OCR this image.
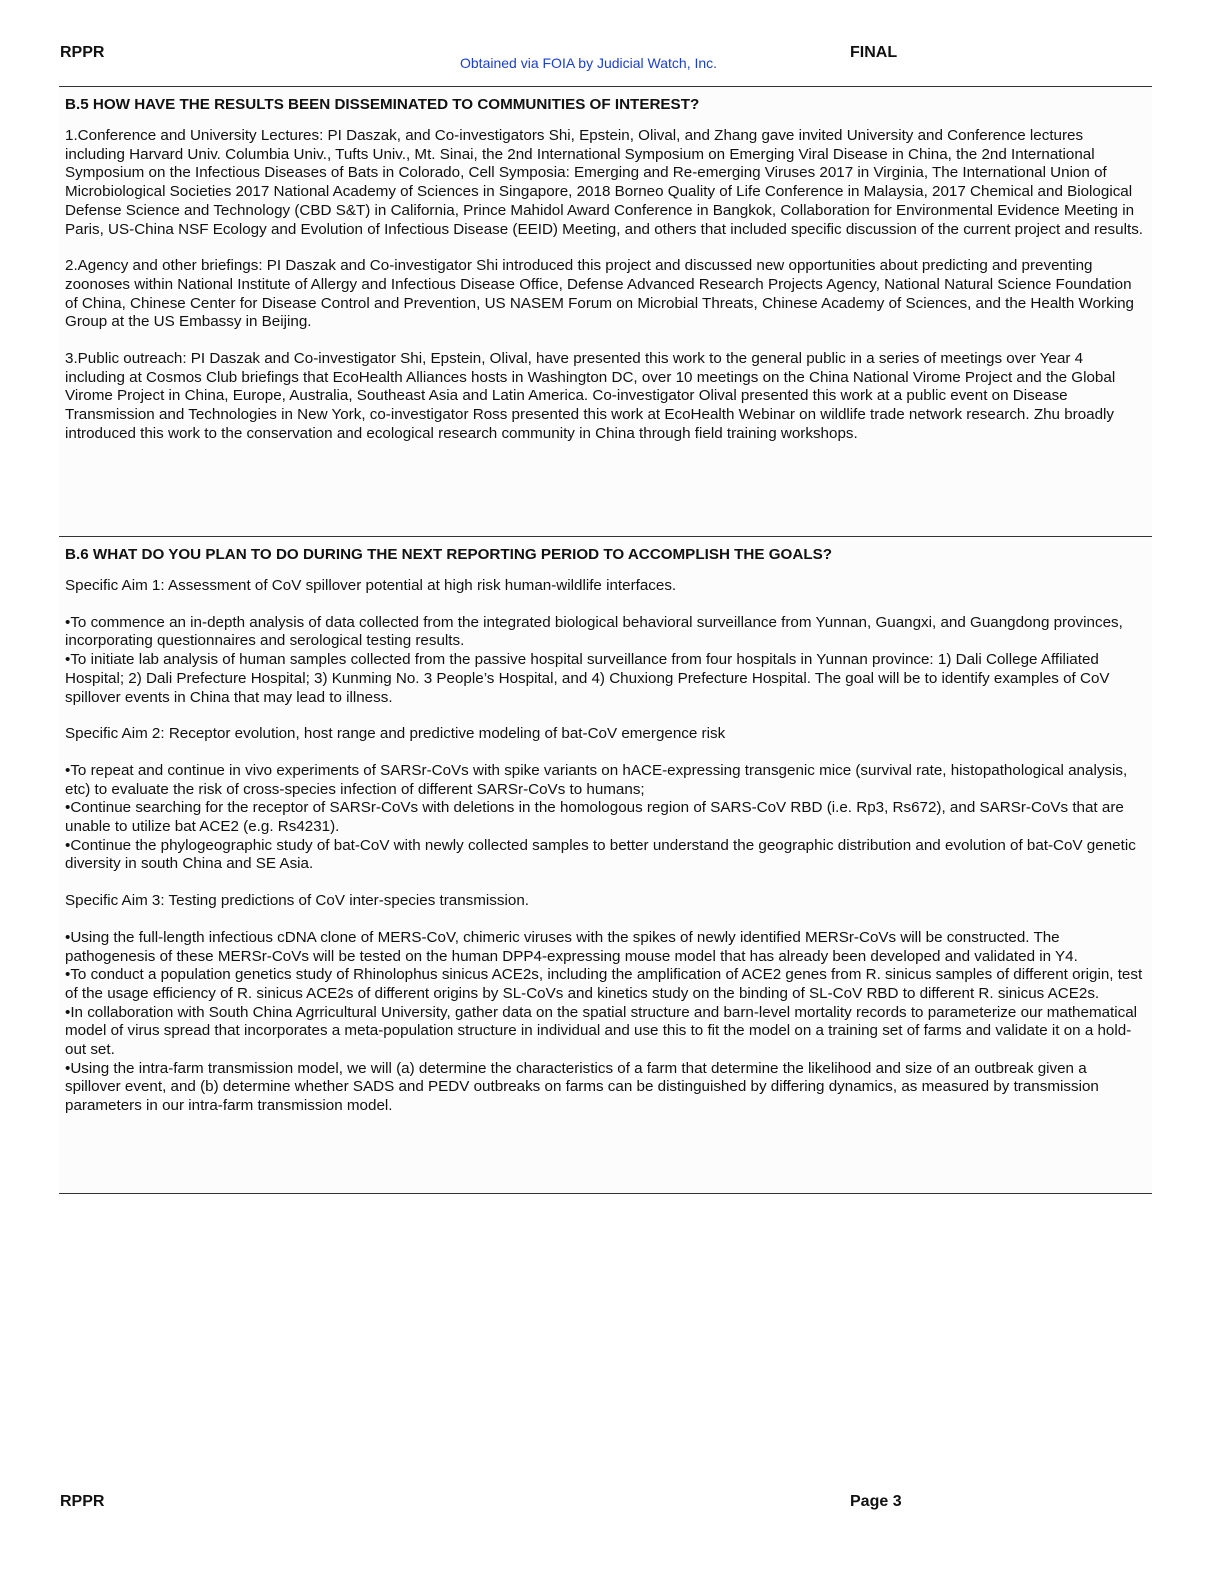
RPPR
Obtained via FOIA by Judicial Watch, Inc.
FINAL
B.5 HOW HAVE THE RESULTS BEEN DISSEMINATED TO COMMUNITIES OF INTEREST?

1.Conference and University Lectures: PI Daszak, and Co-investigators Shi, Epstein, Olival, and Zhang gave invited University and Conference lectures including Harvard Univ. Columbia Univ., Tufts Univ., Mt. Sinai, the 2nd International Symposium on Emerging Viral Disease in China, the 2nd International Symposium on the Infectious Diseases of Bats in Colorado, Cell Symposia: Emerging and Re-emerging Viruses 2017 in Virginia, The International Union of Microbiological Societies 2017 National Academy of Sciences in Singapore, 2018 Borneo Quality of Life Conference in Malaysia, 2017 Chemical and Biological Defense Science and Technology (CBD S&T) in California, Prince Mahidol Award Conference in Bangkok, Collaboration for Environmental Evidence Meeting in Paris, US-China NSF Ecology and Evolution of Infectious Disease (EEID) Meeting, and others that included specific discussion of the current project and results.

2.Agency and other briefings: PI Daszak and Co-investigator Shi introduced this project and discussed new opportunities about predicting and preventing zoonoses within National Institute of Allergy and Infectious Disease Office, Defense Advanced Research Projects Agency, National Natural Science Foundation of China, Chinese Center for Disease Control and Prevention, US NASEM Forum on Microbial Threats, Chinese Academy of Sciences, and the Health Working Group at the US Embassy in Beijing.

3.Public outreach: PI Daszak and Co-investigator Shi, Epstein, Olival, have presented this work to the general public in a series of meetings over Year 4 including at Cosmos Club briefings that EcoHealth Alliances hosts in Washington DC, over 10 meetings on the China National Virome Project and the Global Virome Project in China, Europe, Australia, Southeast Asia and Latin America. Co-investigator Olival presented this work at a public event on Disease Transmission and Technologies in New York, co-investigator Ross presented this work at EcoHealth Webinar on wildlife trade network research. Zhu broadly introduced this work to the conservation and ecological research community in China through field training workshops.

B.6 WHAT DO YOU PLAN TO DO DURING THE NEXT REPORTING PERIOD TO ACCOMPLISH THE GOALS?

Specific Aim 1: Assessment of CoV spillover potential at high risk human-wildlife interfaces.

•To commence an in-depth analysis of data collected from the integrated biological behavioral surveillance from Yunnan, Guangxi, and Guangdong provinces, incorporating questionnaires and serological testing results.

•To initiate lab analysis of human samples collected from the passive hospital surveillance from four hospitals in Yunnan province: 1) Dali College Affiliated Hospital; 2) Dali Prefecture Hospital; 3) Kunming No. 3 People’s Hospital, and 4) Chuxiong Prefecture Hospital. The goal will be to identify examples of CoV spillover events in China that may lead to illness.

Specific Aim 2: Receptor evolution, host range and predictive modeling of bat-CoV emergence risk

•To repeat and continue in vivo experiments of SARSr-CoVs with spike variants on hACE-expressing transgenic mice (survival rate, histopathological analysis, etc) to evaluate the risk of cross-species infection of different SARSr-CoVs to humans;

•Continue searching for the receptor of SARSr-CoVs with deletions in the homologous region of SARS-CoV RBD (i.e. Rp3, Rs672), and SARSr-CoVs that are unable to utilize bat ACE2 (e.g. Rs4231).

•Continue the phylogeographic study of bat-CoV with newly collected samples to better understand the geographic distribution and evolution of bat-CoV genetic diversity in south China and SE Asia.

Specific Aim 3: Testing predictions of CoV inter-species transmission.

•Using the full-length infectious cDNA clone of MERS-CoV, chimeric viruses with the spikes of newly identified MERSr-CoVs will be constructed. The pathogenesis of these MERSr-CoVs will be tested on the human DPP4-expressing mouse model that has already been developed and validated in Y4.

•To conduct a population genetics study of Rhinolophus sinicus ACE2s, including the amplification of ACE2 genes from R. sinicus samples of different origin, test of the usage efficiency of R. sinicus ACE2s of different origins by SL-CoVs and kinetics study on the binding of SL-CoV RBD to different R. sinicus ACE2s.

•In collaboration with South China Agrricultural University, gather data on the spatial structure and barn-level mortality records to parameterize our mathematical model of virus spread that incorporates a meta-population structure in individual and use this to fit the model on a training set of farms and validate it on a hold-out set.

•Using the intra-farm transmission model, we will (a) determine the characteristics of a farm that determine the likelihood and size of an outbreak given a spillover event, and (b) determine whether SADS and PEDV outbreaks on farms can be distinguished by differing dynamics, as measured by transmission parameters in our intra-farm transmission model.

RPPR	Page 3
